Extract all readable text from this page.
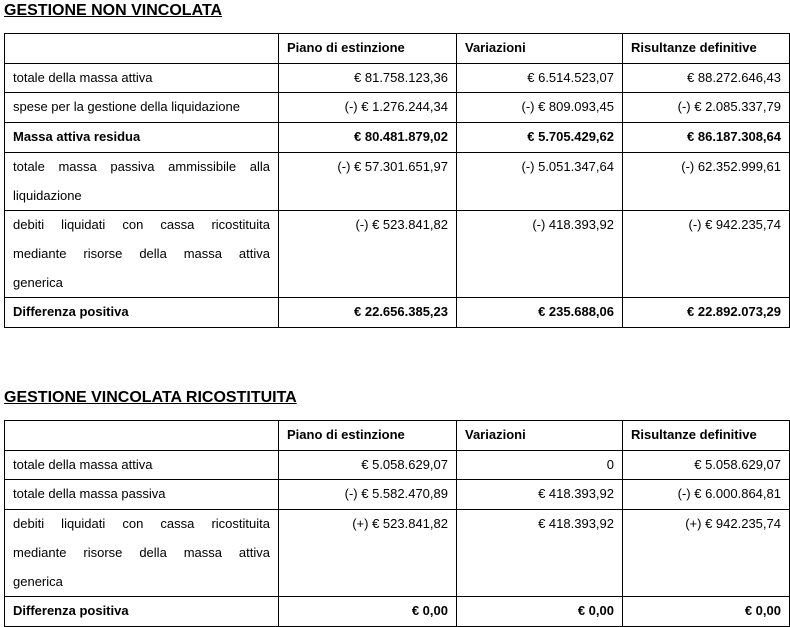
GESTIONE NON VINCOLATA
	Piano di estinzione	Variazioni	Risultanze definitive
totale della massa attiva	€ 81.758.123,36	€ 6.514.523,07	€ 88.272.646,43
spese per la gestione della liquidazione	(-) € 1.276.244,34	(-) € 809.093,45	(-) € 2.085.337,79
Massa attiva residua	€ 80.481.879,02	€ 5.705.429,62	€ 86.187.308,64
totale massa passiva ammissibile alla liquidazione	(-) € 57.301.651,97	(-) 5.051.347,64	(-) 62.352.999,61
debiti liquidati con cassa ricostituita mediante risorse della massa attiva generica	(-) € 523.841,82	(-) 418.393,92	(-) € 942.235,74
Differenza positiva	€ 22.656.385,23	€ 235.688,06	€ 22.892.073,29
GESTIONE VINCOLATA RICOSTITUITA
	Piano di estinzione	Variazioni	Risultanze definitive
totale della massa attiva	€ 5.058.629,07	0	€ 5.058.629,07
totale della massa passiva	(-) € 5.582.470,89	€ 418.393,92	(-) € 6.000.864,81
debiti liquidati con cassa ricostituita mediante risorse della massa attiva generica	(+) € 523.841,82	€ 418.393,92	(+) € 942.235,74
Differenza positiva	€ 0,00	€ 0,00	€ 0,00
